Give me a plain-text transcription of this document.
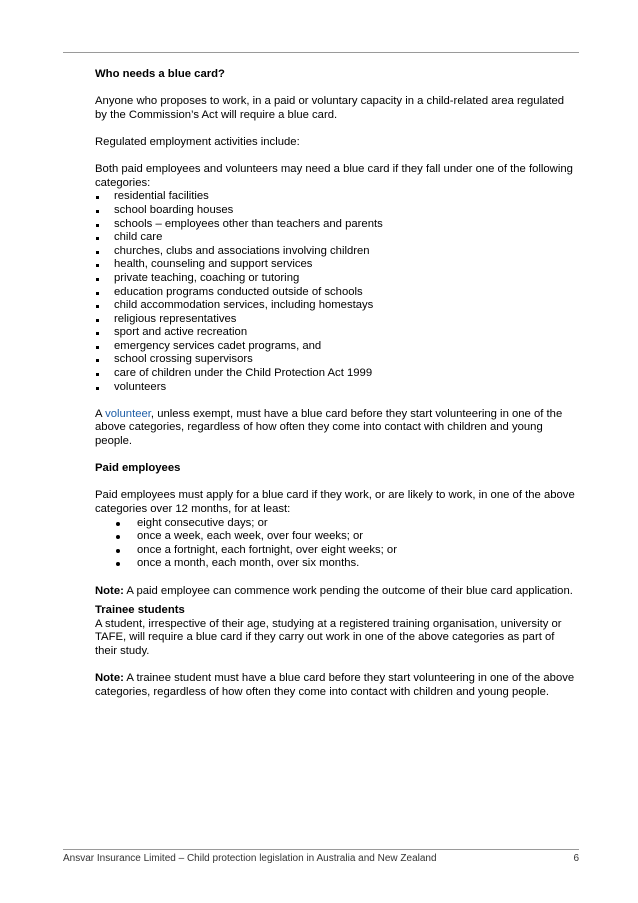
Who needs a blue card?

Anyone who proposes to work, in a paid or voluntary capacity in a child-related area regulated by the Commission’s Act will require a blue card.

Regulated employment activities include:

Both paid employees and volunteers may need a blue card if they fall under one of the following categories:

residential facilities
school boarding houses
schools – employees other than teachers and parents
child care
churches, clubs and associations involving children
health, counseling and support services
private teaching, coaching or tutoring
education programs conducted outside of schools
child accommodation services, including homestays
religious representatives
sport and active recreation
emergency services cadet programs, and
school crossing supervisors
care of children under the Child Protection Act 1999
volunteers

A volunteer, unless exempt, must have a blue card before they start volunteering in one of the above categories, regardless of how often they come into contact with children and young people.

Paid employees

Paid employees must apply for a blue card if they work, or are likely to work, in one of the above categories over 12 months, for at least:

eight consecutive days; or
once a week, each week, over four weeks; or
once a fortnight, each fortnight, over eight weeks; or
once a month, each month, over six months.

Note: A paid employee can commence work pending the outcome of their blue card application.

Trainee students

A student, irrespective of their age, studying at a registered training organisation, university or TAFE, will require a blue card if they carry out work in one of the above categories as part of their study.

Note: A trainee student must have a blue card before they start volunteering in one of the above categories, regardless of how often they come into contact with children and young people.

Ansvar Insurance Limited – Child protection legislation in Australia and New Zealand	6
